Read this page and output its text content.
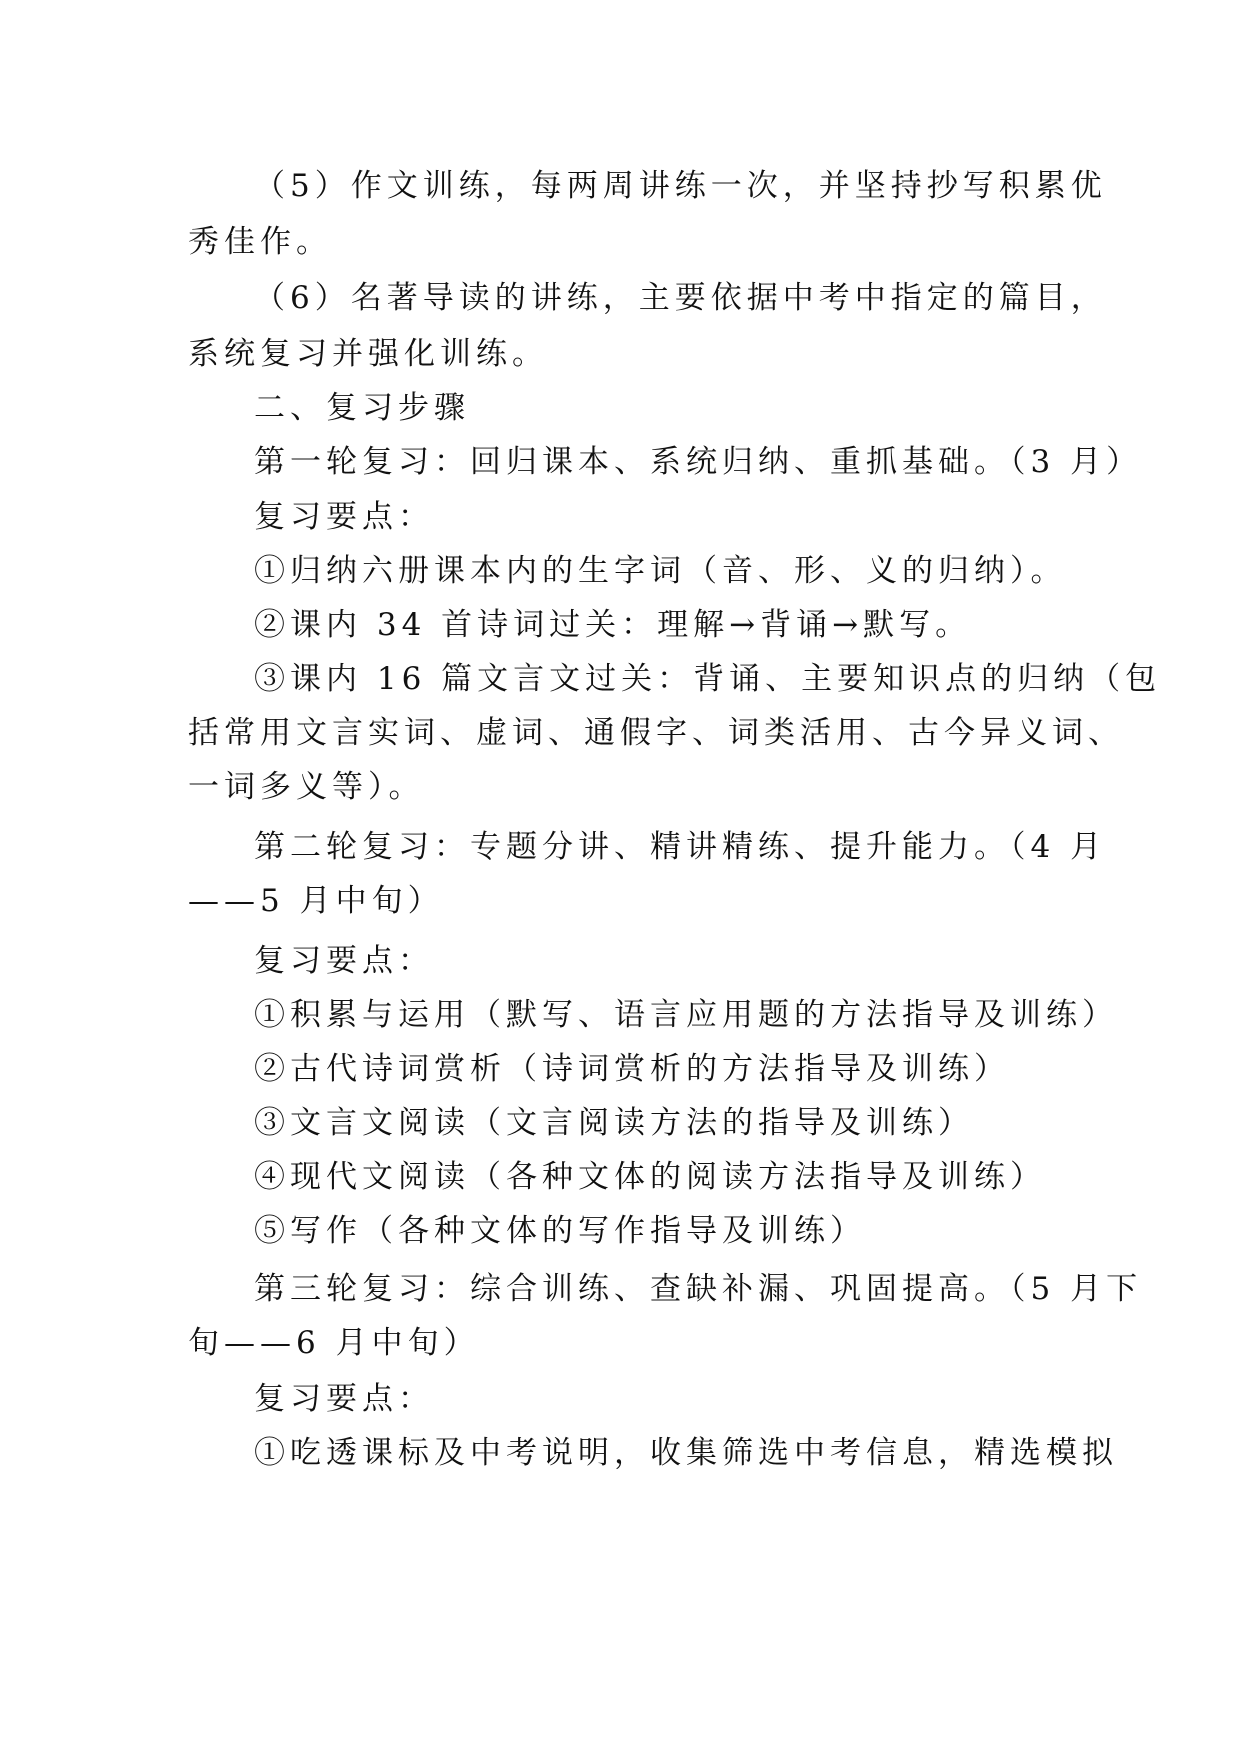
（5）作文训练，每两周讲练一次，并坚持抄写积累优
秀佳作。
（6）名著导读的讲练，主要依据中考中指定的篇目，
系统复习并强化训练。
二、复习步骤
第一轮复习：回归课本、系统归纳、重抓基础。（3 月）
复习要点：
①归纳六册课本内的生字词（音、形、义的归纳）。
②课内 34 首诗词过关：理解→背诵→默写。
③课内 16 篇文言文过关：背诵、主要知识点的归纳（包
括常用文言实词、虚词、通假字、词类活用、古今异义词、
一词多义等）。
第二轮复习：专题分讲、精讲精练、提升能力。（4 月
——5 月中旬）
复习要点：
①积累与运用（默写、语言应用题的方法指导及训练）
②古代诗词赏析（诗词赏析的方法指导及训练）
③文言文阅读（文言阅读方法的指导及训练）
④现代文阅读（各种文体的阅读方法指导及训练）
⑤写作（各种文体的写作指导及训练）
第三轮复习：综合训练、查缺补漏、巩固提高。（5 月下
旬——6 月中旬）
复习要点：
①吃透课标及中考说明，收集筛选中考信息，精选模拟
